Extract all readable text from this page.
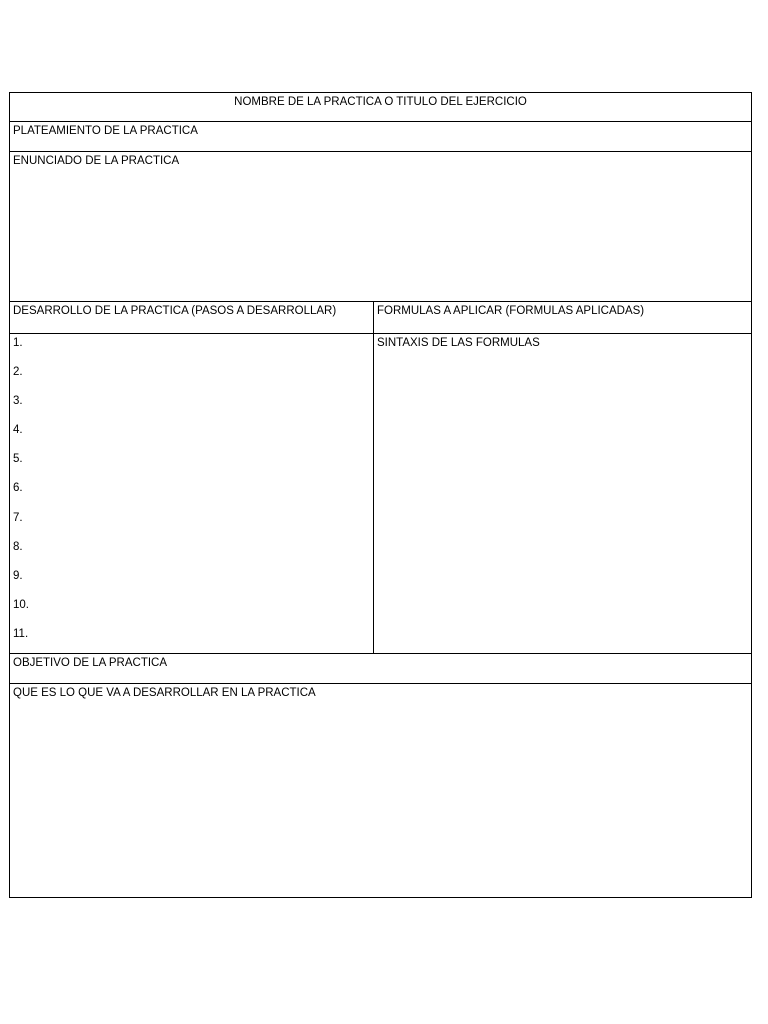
NOMBRE DE LA PRACTICA O TITULO DEL EJERCICIO
PLATEAMIENTO DE LA PRACTICA
ENUNCIADO DE LA PRACTICA
DESARROLLO DE LA PRACTICA (PASOS A DESARROLLAR)	FORMULAS A APLICAR (FORMULAS APLICADAS)
1.
2.
3.
4.
5.
6.
7.
8.
9.
10.
11.
SINTAXIS DE LAS FORMULAS
OBJETIVO DE LA PRACTICA
QUE ES LO QUE VA A DESARROLLAR EN LA PRACTICA
